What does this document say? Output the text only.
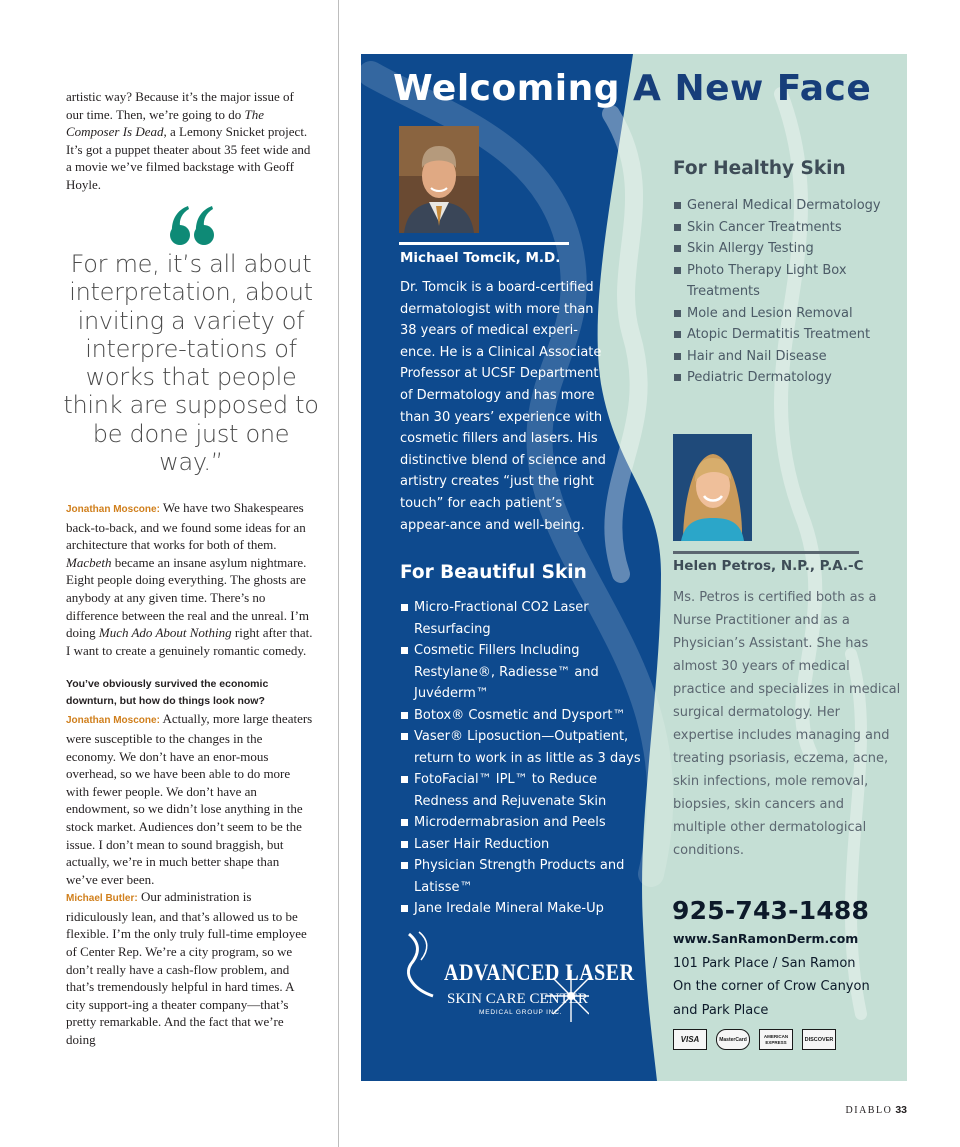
artistic way? Because it’s the major issue of our time. Then, we’re going to do The Composer Is Dead, a Lemony Snicket project. It’s got a puppet theater about 35 feet wide and a movie we’ve filmed backstage with Geoff Hoyle.

For me, it’s all about interpretation, about inviting a variety of interpre-tations of works that people think are supposed to be done just one way.”

Jonathan Moscone: We have two Shakespeares back-to-back, and we found some ideas for an architecture that works for both of them. Macbeth became an insane asylum nightmare. Eight people doing everything. The ghosts are anybody at any given time. There’s no difference between the real and the unreal. I’m doing Much Ado About Nothing right after that. I want to create a genuinely romantic comedy.

You’ve obviously survived the economic downturn, but how do things look now?

Jonathan Moscone: Actually, more large theaters were susceptible to the changes in the economy. We don’t have an enor-mous overhead, so we have been able to do more with fewer people. We don’t have an endowment, so we didn’t lose anything in the stock market. Audiences don’t seem to be the issue. I don’t mean to sound braggish, but actually, we’re in much better shape than we’ve ever been.

Michael Butler: Our administration is ridiculously lean, and that’s allowed us to be flexible. I’m the only truly full-time employee of Center Rep. We’re a city program, so we don’t really have a cash-flow problem, and that’s tremendously helpful in hard times. A city support-ing a theater company—that’s pretty remarkable. And the fact that we’re doing

Welcoming A New Face
Michael Tomcik, M.D.
Dr. Tomcik is a board-certified dermatologist with more than 38 years of medical experi-ence. He is a Clinical Associate Professor at UCSF Department of Dermatology and has more than 30 years’ experience with cosmetic fillers and lasers. His distinctive blend of science and artistry creates “just the right touch” for each patient’s appear-ance and well-being.
For Healthy Skin
General Medical Dermatology
Skin Cancer Treatments
Skin Allergy Testing
Photo Therapy Light Box Treatments
Mole and Lesion Removal
Atopic Dermatitis Treatment
Hair and Nail Disease
Pediatric Dermatology
Helen Petros, N.P., P.A.-C
Ms. Petros is certified both as a Nurse Practitioner and as a Physician’s Assistant. She has almost 30 years of medical practice and specializes in medical surgical dermatology. Her expertise includes managing and treating psoriasis, eczema, acne, skin infections, mole removal, biopsies, skin cancers and multiple other dermatological conditions.
For Beautiful Skin
Micro-Fractional CO2 Laser Resurfacing
Cosmetic Fillers Including Restylane®, Radiesse™ and Juvéderm™
Botox® Cosmetic and Dysport™
Vaser® Liposuction—Outpatient, return to work in as little as 3 days
FotoFacial™ IPL™ to Reduce Redness and Rejuvenate Skin
Microdermabrasion and Peels
Laser Hair Reduction
Physician Strength Products and Latisse™
Jane Iredale Mineral Make-Up
ADVANCED LASER
SKIN CARE CENTER
MEDICAL GROUP INC.
925-743-1488
www.SanRamonDerm.com
101 Park Place / San Ramon
On the corner of Crow Canyon and Park Place
VISA	MasterCard
AMERICAN EXPRESS	DISCOVER
DIABLO 33
